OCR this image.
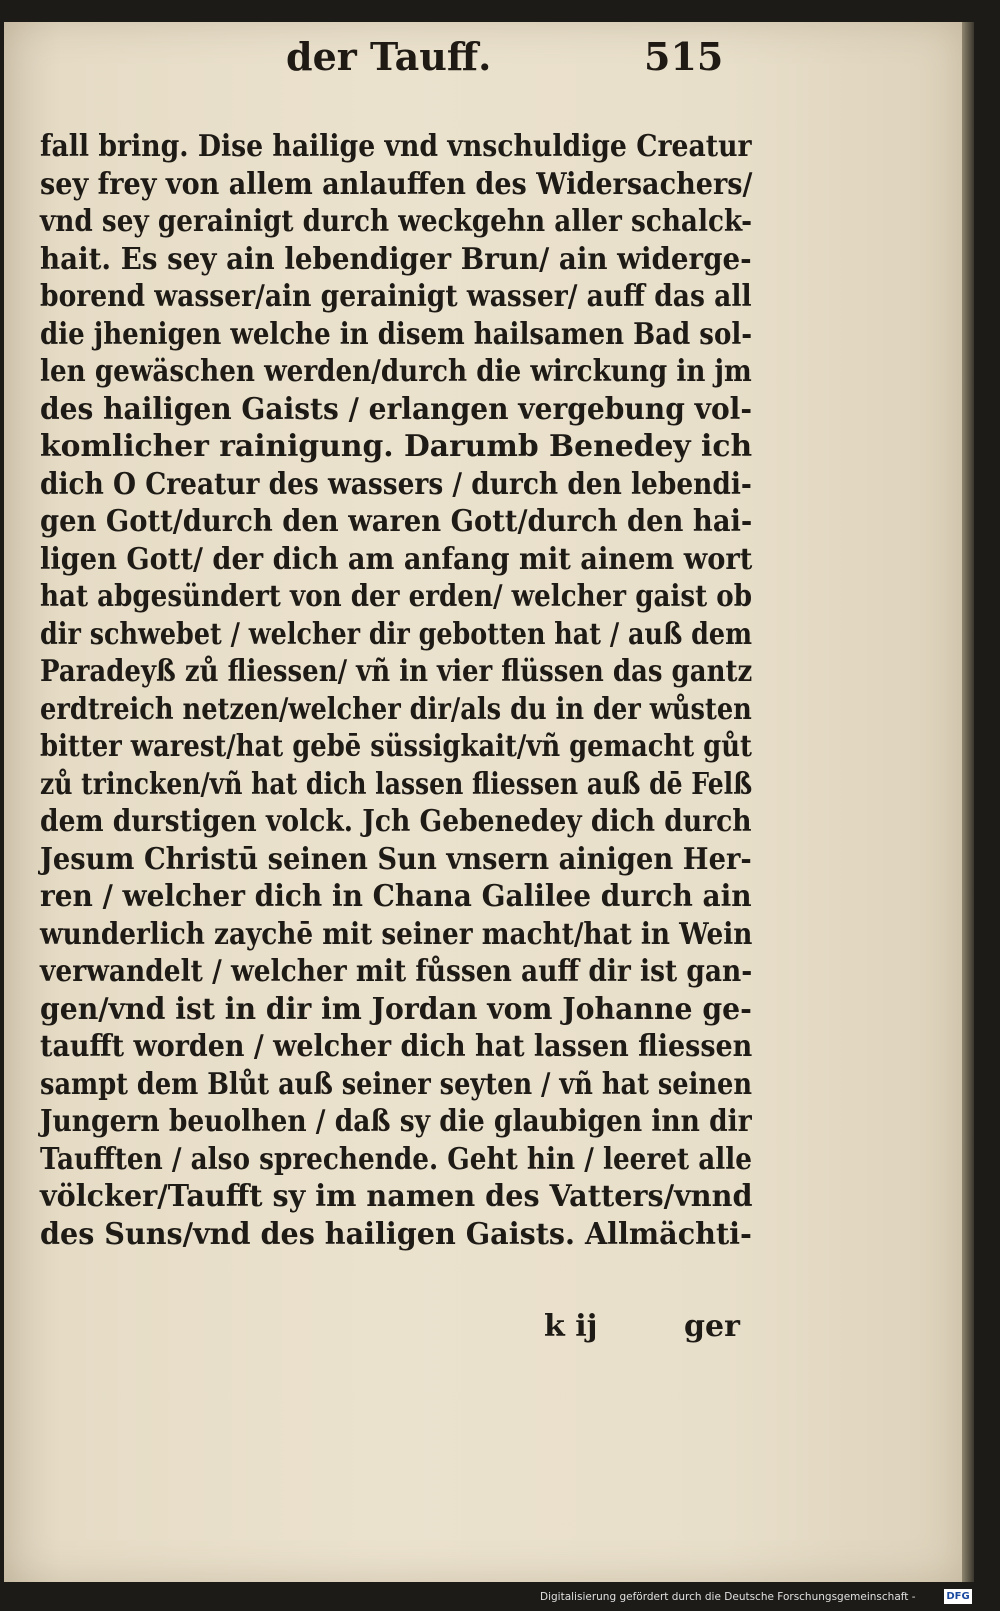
der Tauff.	515
fall bring. Dise hailige vnd vnschuldige Creatur
sey frey von allem anlauffen des Widersachers/
vnd sey gerainigt durch weckgehn aller schalck-
hait. Es sey ain lebendiger Brun/ ain widerge-
borend wasser/ain gerainigt wasser/ auff das all
die jhenigen welche in disem hailsamen Bad sol-
len gewäschen werden/durch die wirckung in jm
des hailigen Gaists / erlangen vergebung vol-
komlicher rainigung. Darumb Benedey ich
dich O Creatur des wassers / durch den lebendi-
gen Gott/durch den waren Gott/durch den hai-
ligen Gott/ der dich am anfang mit ainem wort
hat abgesündert von der erden/ welcher gaist ob
dir schwebet / welcher dir gebotten hat / auß dem
Paradeyß zů fliessen/ vñ in vier flüssen das gantz
erdtreich netzen/welcher dir/als du in der wůsten
bitter warest/hat gebē süssigkait/vñ gemacht gůt
zů trincken/vñ hat dich lassen fliessen auß dē Felß
dem durstigen volck. Jch Gebenedey dich durch
Jesum Christū seinen Sun vnsern ainigen Her-
ren / welcher dich in Chana Galilee durch ain
wunderlich zaychē mit seiner macht/hat in Wein
verwandelt / welcher mit fůssen auff dir ist gan-
gen/vnd ist in dir im Jordan vom Johanne ge-
taufft worden / welcher dich hat lassen fliessen
sampt dem Blůt auß seiner seyten / vñ hat seinen
Jungern beuolhen / daß sy die glaubigen inn dir
Taufften / also sprechende. Geht hin / leeret alle
völcker/Taufft sy im namen des Vatters/vnnd
des Suns/vnd des hailigen Gaists. Allmächti-
k ij	ger
Digitalisierung gefördert durch die Deutsche Forschungsgemeinschaft -	DFG
